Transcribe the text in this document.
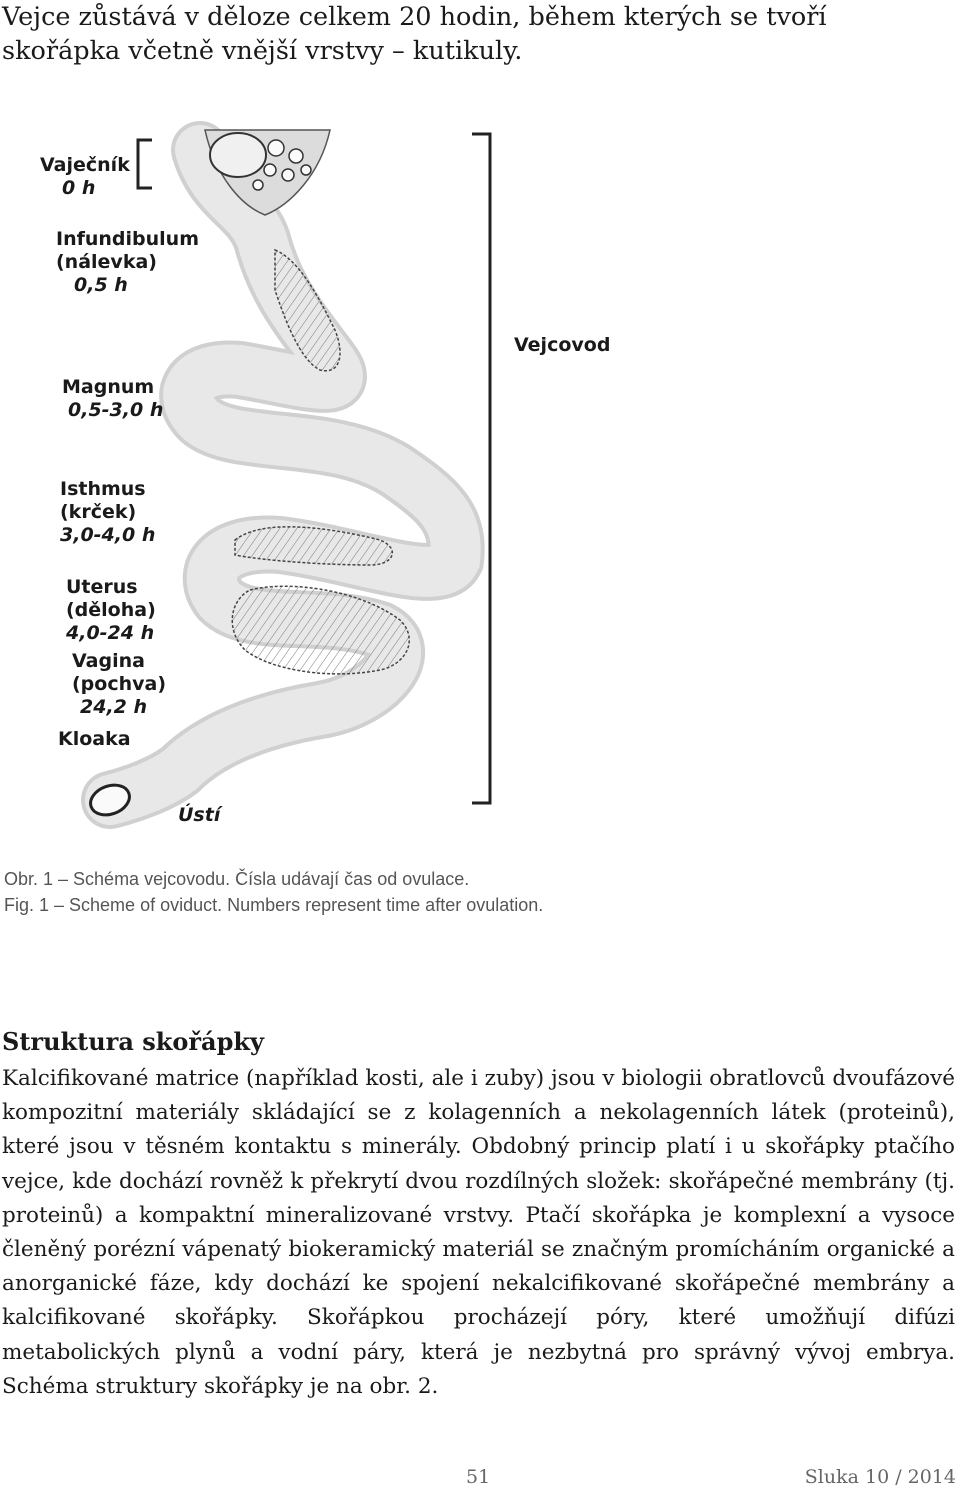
Vejce zůstává v děloze celkem 20 hodin, během kterých se tvoří skořápka včetně vnější vrstvy – kutikuly.

Vaječník
0 h
Infundibulum
(nálevka)
0,5 h
Magnum
0,5-3,0 h
Isthmus
(krček)
3,0-4,0 h
Uterus
(děloha)
4,0-24 h
Vagina
(pochva)
24,2 h
Kloaka
Ústí
Vejcovod
Obr. 1 – Schéma vejcovodu. Čísla udávají čas od ovulace.
Fig. 1 – Scheme of oviduct. Numbers represent time after ovulation.
Struktura skořápky

Kalcifikované matrice (například kosti, ale i zuby) jsou v biologii obratlovců dvoufázové kompozitní materiály skládající se z kolagenních a nekolagenních látek (proteinů), které jsou v těsném kontaktu s minerály. Obdobný princip platí i u skořápky ptačího vejce, kde dochází rovněž k překrytí dvou rozdílných složek: skořápečné membrány (tj. proteinů) a kompaktní mineralizované vrstvy. Ptačí skořápka je komplexní a vysoce členěný porézní vápenatý biokeramický materiál se značným promícháním organické a anorganické fáze, kdy dochází ke spojení nekalcifikované skořápečné membrány a kalcifikované skořápky. Skořápkou procházejí póry, které umožňují difúzi metabolických plynů a vodní páry, která je nezbytná pro správný vývoj embrya. Schéma struktury skořápky je na obr. 2.

51	Sluka 10 / 2014
